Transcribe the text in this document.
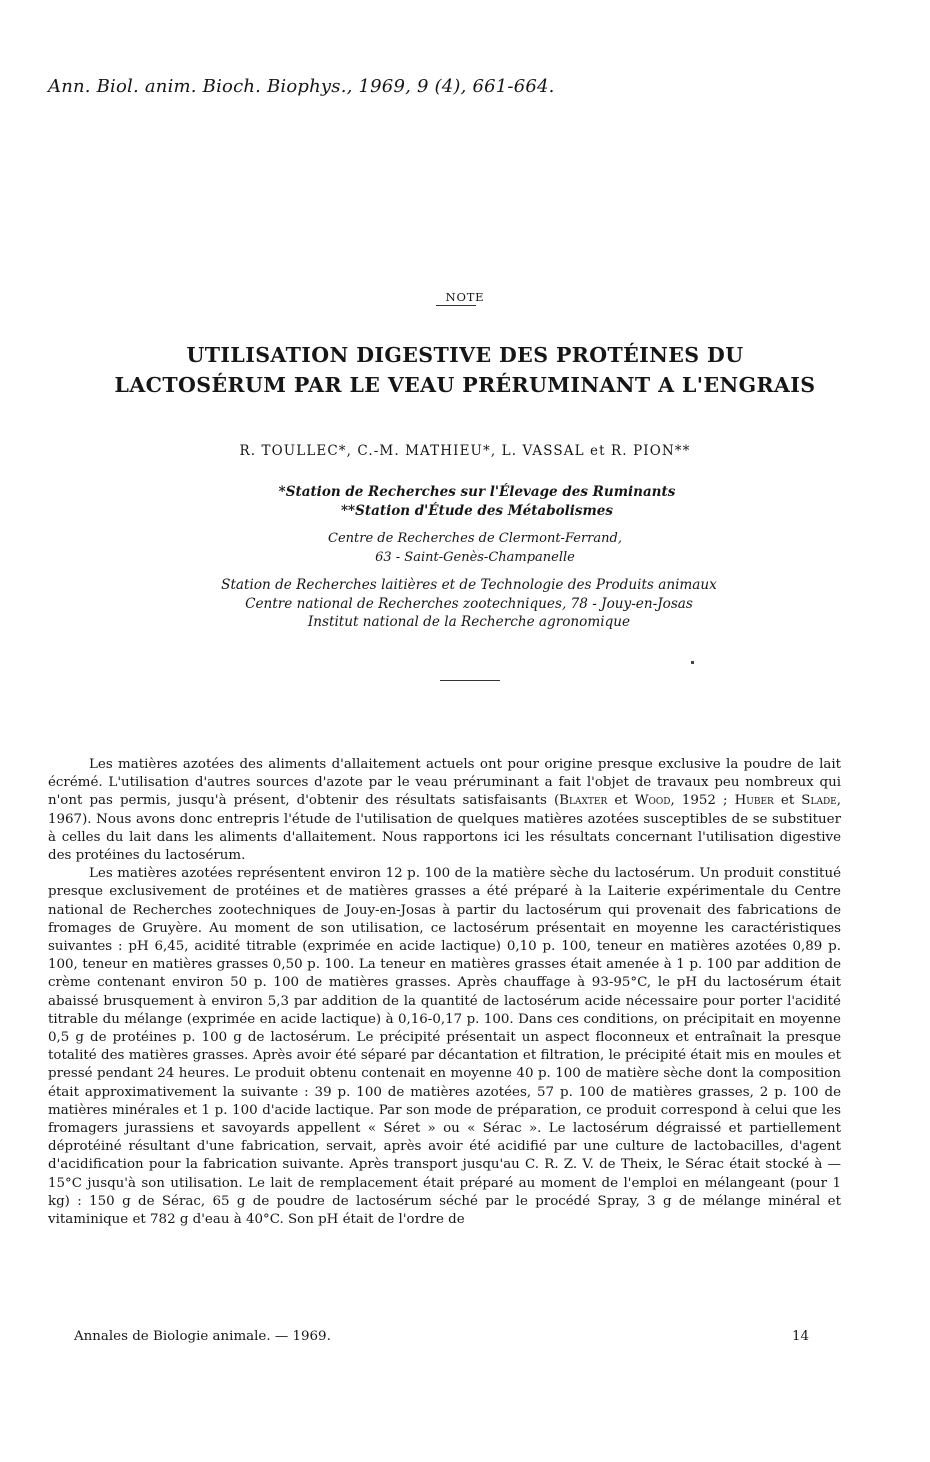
Ann. Biol. anim. Bioch. Biophys., 1969, 9 (4), 661-664.
NOTE
UTILISATION DIGESTIVE DES PROTÉINES DU
LACTOSÉRUM PAR LE VEAU PRÉRUMINANT A L'ENGRAIS
R. TOULLEC*, C.-M. MATHIEU*, L. VASSAL et R. PION**
*Station de Recherches sur l'Élevage des Ruminants
**Station d'Étude des Métabolismes
Centre de Recherches de Clermont-Ferrand,
63 - Saint-Genès-Champanelle
Station de Recherches laitières et de Technologie des Produits animaux
Centre national de Recherches zootechniques, 78 - Jouy-en-Josas
Institut national de la Recherche agronomique

Les matières azotées des aliments d'allaitement actuels ont pour origine presque exclusive la poudre de lait écrémé. L'utilisation d'autres sources d'azote par le veau préruminant a fait l'objet de travaux peu nombreux qui n'ont pas permis, jusqu'à présent, d'obtenir des résultats satisfaisants (Blaxter et Wood, 1952 ; Huber et Slade, 1967). Nous avons donc entrepris l'étude de l'utilisation de quelques matières azotées susceptibles de se substituer à celles du lait dans les aliments d'allaitement. Nous rapportons ici les résultats concernant l'utilisation digestive des protéines du lactosérum.

Les matières azotées représentent environ 12 p. 100 de la matière sèche du lactosérum. Un produit constitué presque exclusivement de protéines et de matières grasses a été préparé à la Laiterie expérimentale du Centre national de Recherches zootechniques de Jouy-en-Josas à partir du lactosérum qui provenait des fabrications de fromages de Gruyère. Au moment de son utilisation, ce lactosérum présentait en moyenne les caractéristiques suivantes : pH 6,45, acidité titrable (exprimée en acide lactique) 0,10 p. 100, teneur en matières azotées 0,89 p. 100, teneur en matières grasses 0,50 p. 100. La teneur en matières grasses était amenée à 1 p. 100 par addition de crème contenant environ 50 p. 100 de matières grasses. Après chauffage à 93-95°C, le pH du lactosérum était abaissé brusquement à environ 5,3 par addition de la quantité de lactosérum acide nécessaire pour porter l'acidité titrable du mélange (exprimée en acide lactique) à 0,16-0,17 p. 100. Dans ces conditions, on précipitait en moyenne 0,5 g de protéines p. 100 g de lactosérum. Le précipité présentait un aspect floconneux et entraînait la presque totalité des matières grasses. Après avoir été séparé par décantation et filtration, le précipité était mis en moules et pressé pendant 24 heures. Le produit obtenu contenait en moyenne 40 p. 100 de matière sèche dont la composition était approximativement la suivante : 39 p. 100 de matières azotées, 57 p. 100 de matières grasses, 2 p. 100 de matières minérales et 1 p. 100 d'acide lactique. Par son mode de préparation, ce produit correspond à celui que les fromagers jurassiens et savoyards appellent « Séret » ou « Sérac ». Le lactosérum dégraissé et partiellement déprotéiné résultant d'une fabrication, servait, après avoir été acidifié par une culture de lactobacilles, d'agent d'acidification pour la fabrication suivante. Après transport jusqu'au C. R. Z. V. de Theix, le Sérac était stocké à — 15°C jusqu'à son utilisation. Le lait de remplacement était préparé au moment de l'emploi en mélangeant (pour 1 kg) : 150 g de Sérac, 65 g de poudre de lactosérum séché par le procédé Spray, 3 g de mélange minéral et vitaminique et 782 g d'eau à 40°C. Son pH était de l'ordre de

Annales de Biologie animale. — 1969.	14
